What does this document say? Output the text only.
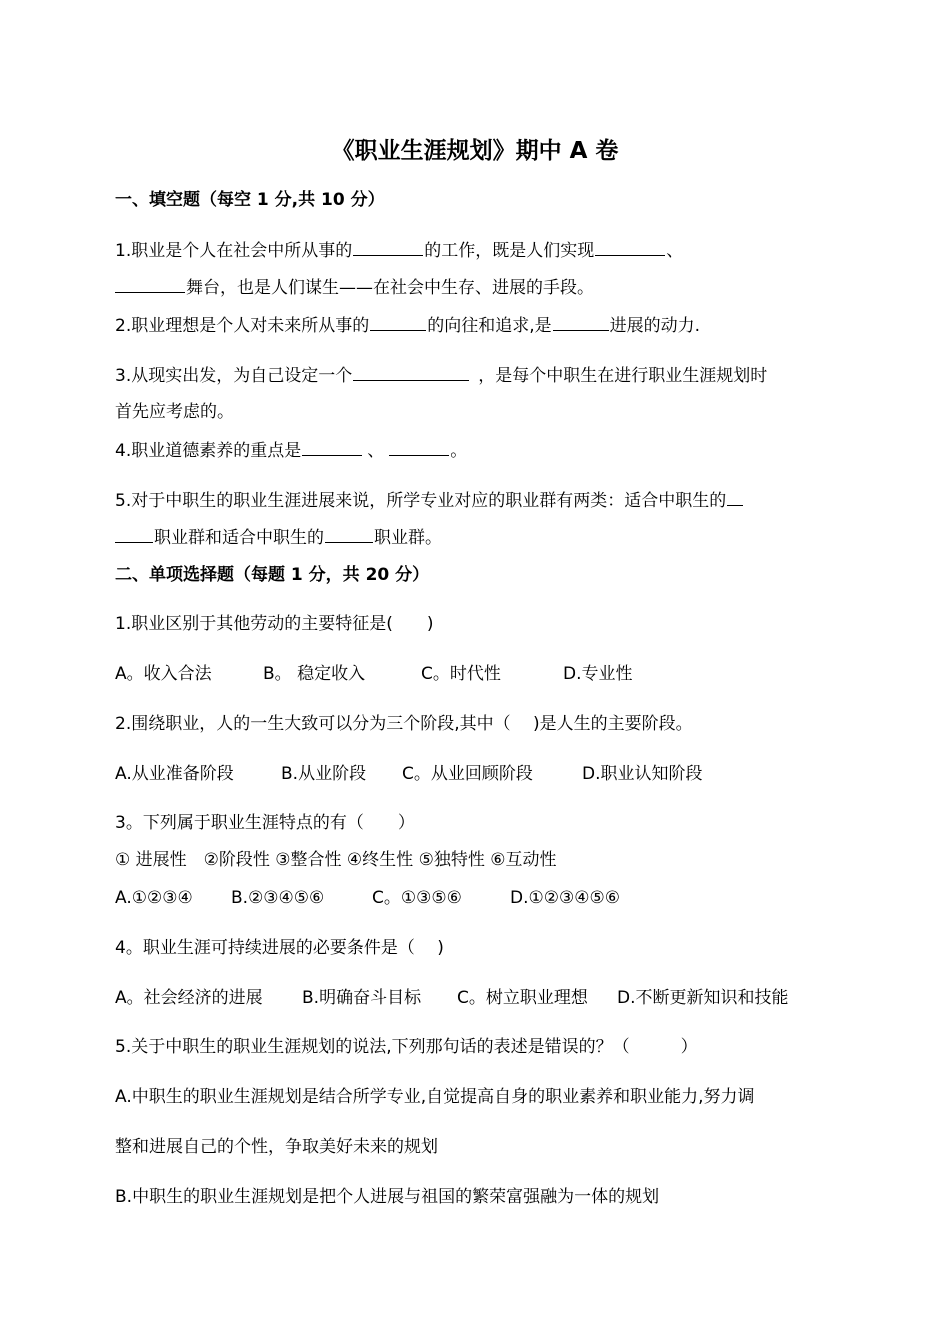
《职业生涯规划》期中 A 卷
一、填空题（每空 1 分,共 10 分）
1.职业是个人在社会中所从事的	的工作，既是人们实现	、
舞台，也是人们谋生——在社会中生存、进展的手段。
2.职业理想是个人对未来所从事的	的向往和追求,是	进展的动力.
3.从现实出发，为自己设定一个	，是每个中职生在进行职业生涯规划时
首先应考虑的。
4.职业道德素养的重点是	、	。
5.对于中职生的职业生涯进展来说，所学专业对应的职业群有两类：适合中职生的
职业群和适合中职生的	职业群。
二、单项选择题（每题 1 分，共 20 分）
1.职业区别于其他劳动的主要特征是(　　)
A。收入合法	B。 稳定收入	C。时代性	D.专业性
2.围绕职业，人的一生大致可以分为三个阶段,其中（　 )是人生的主要阶段。
A.从业准备阶段	B.从业阶段 C。从业回顾阶段	D.职业认知阶段
3。下列属于职业生涯特点的有（　　）
① 进展性　②阶段性 ③整合性 ④终生性 ⑤独特性 ⑥互动性
A.①②③④ B.②③④⑤⑥	C。①③⑤⑥	D.①②③④⑤⑥
4。职业生涯可持续进展的必要条件是（　 )
A。社会经济的进展 B.明确奋斗目标 C。树立职业理想 D.不断更新知识和技能
5.关于中职生的职业生涯规划的说法,下列那句话的表述是错误的？（　　　）
A.中职生的职业生涯规划是结合所学专业,自觉提高自身的职业素养和职业能力,努力调
整和进展自己的个性，争取美好未来的规划
B.中职生的职业生涯规划是把个人进展与祖国的繁荣富强融为一体的规划
